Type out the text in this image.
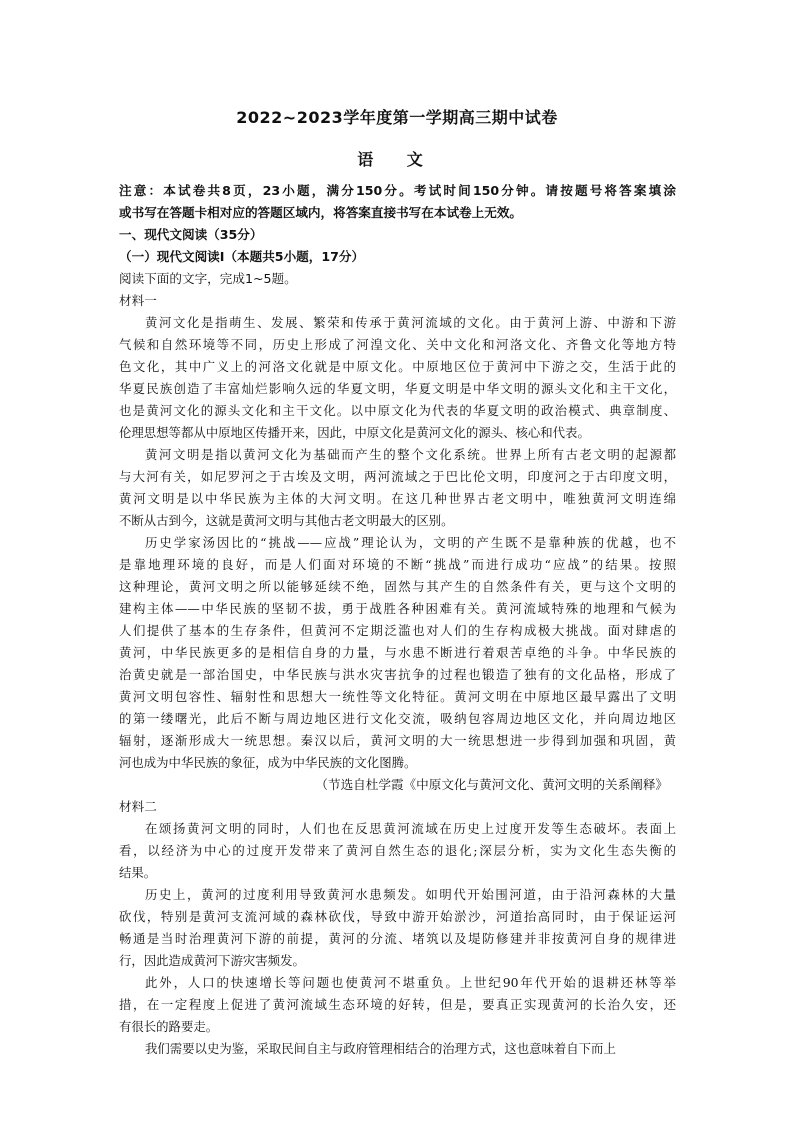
2022~2023学年度第一学期高三期中试卷
语 文
注意：本试卷共8页，23小题，满分150分。考试时间150分钟。请按题号将答案填涂
或书写在答题卡相对应的答题区域内，将答案直接书写在本试卷上无效。
一、现代文阅读（35分）
（一）现代文阅读Ⅰ（本题共5小题，17分）
阅读下面的文字，完成1~5题。
材料一
黄河文化是指萌生、发展、繁荣和传承于黄河流域的文化。由于黄河上游、中游和下游
气候和自然环境等不同，历史上形成了河湟文化、关中文化和河洛文化、齐鲁文化等地方特
色文化，其中广义上的河洛文化就是中原文化。中原地区位于黄河中下游之交，生活于此的
华夏民族创造了丰富灿烂影响久远的华夏文明，华夏文明是中华文明的源头文化和主干文化，
也是黄河文化的源头文化和主干文化。以中原文化为代表的华夏文明的政治模式、典章制度、
伦理思想等都从中原地区传播开来，因此，中原文化是黄河文化的源头、核心和代表。
黄河文明是指以黄河文化为基础而产生的整个文化系统。世界上所有古老文明的起源都
与大河有关，如尼罗河之于古埃及文明，两河流域之于巴比伦文明，印度河之于古印度文明，
黄河文明是以中华民族为主体的大河文明。在这几种世界古老文明中，唯独黄河文明连绵
不断从古到今，这就是黄河文明与其他古老文明最大的区别。
历史学家汤因比的“挑战——应战”理论认为，文明的产生既不是靠种族的优越，也不
是靠地理环境的良好，而是人们面对环境的不断“挑战”而进行成功“应战”的结果。按照
这种理论，黄河文明之所以能够延续不绝，固然与其产生的自然条件有关，更与这个文明的
建构主体——中华民族的坚韧不拔，勇于战胜各种困难有关。黄河流域特殊的地理和气候为
人们提供了基本的生存条件，但黄河不定期泛滥也对人们的生存构成极大挑战。面对肆虐的
黄河，中华民族更多的是相信自身的力量，与水患不断进行着艰苦卓绝的斗争。中华民族的
治黄史就是一部治国史，中华民族与洪水灾害抗争的过程也锻造了独有的文化品格，形成了
黄河文明包容性、辐射性和思想大一统性等文化特征。黄河文明在中原地区最早露出了文明
的第一缕曙光，此后不断与周边地区进行文化交流，吸纳包容周边地区文化，并向周边地区
辐射，逐渐形成大一统思想。秦汉以后，黄河文明的大一统思想进一步得到加强和巩固，黄
河也成为中华民族的象征，成为中华民族的文化图腾。
（节选自杜学霞《中原文化与黄河文化、黄河文明的关系阐释》
材料二
在颂扬黄河文明的同时，人们也在反思黄河流域在历史上过度开发等生态破坏。表面上
看，以经济为中心的过度开发带来了黄河自然生态的退化;深层分析，实为文化生态失衡的
结果。
历史上，黄河的过度利用导致黄河水患频发。如明代开始围河道，由于沿河森林的大量
砍伐，特别是黄河支流河域的森林砍伐，导致中游开始淤沙，河道抬高同时，由于保证运河
畅通是当时治理黄河下游的前提，黄河的分流、堵筑以及堤防修建并非按黄河自身的规律进
行，因此造成黄河下游灾害频发。
此外，人口的快速增长等问题也使黄河不堪重负。上世纪90年代开始的退耕还林等举
措，在一定程度上促进了黄河流域生态环境的好转，但是，要真正实现黄河的长治久安，还
有很长的路要走。
我们需要以史为鉴，采取民间自主与政府管理相结合的治理方式，这也意味着自下而上
